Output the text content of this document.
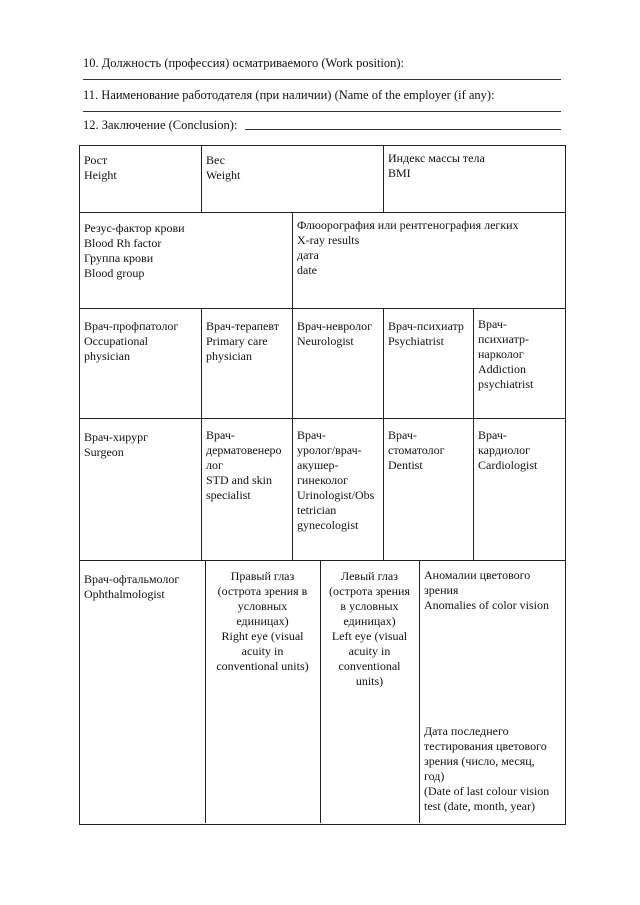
10. Должность (профессия) осматриваемого (Work position):
11. Наименование работодателя (при наличии) (Name of the employer (if any):
12. Заключение (Conclusion):
Рост
Height
Вес
Weight
Индекс массы тела
BMI
Резус-фактор крови
Blood Rh factor
Группа крови
Blood group
Флюорография или рентгенография легких
X-ray results
дата
date
Врач-профпатолог
Occupational
physician
Врач-терапевт
Primary care
physician
Врач-невролог
Neurologist
Врач-психиатр
Psychiatrist
Врач-
психиатр-
нарколог
Addiction
psychiatrist
Врач-хирург
Surgeon
Врач-
дерматовенеро
лог
STD and skin
specialist
Врач-
уролог/врач-
акушер-
гинеколог
Urinologist/Obs
tetrician
gynecologist
Врач-
стоматолог
Dentist
Врач-
кардиолог
Cardiologist
Врач-офтальмолог
Ophthalmologist
Правый глаз
(острота зрения в
условных
единицах)
Right eye (visual
acuity in
conventional units)
Левый глаз
(острота зрения
в условных
единицах)
Left eye (visual
acuity in
conventional
units)
Аномалии цветового
зрения
Anomalies of color vision
Дата последнего
тестирования цветового
зрения (число, месяц,
год)
(Date of last colour vision
test (date, month, year)
